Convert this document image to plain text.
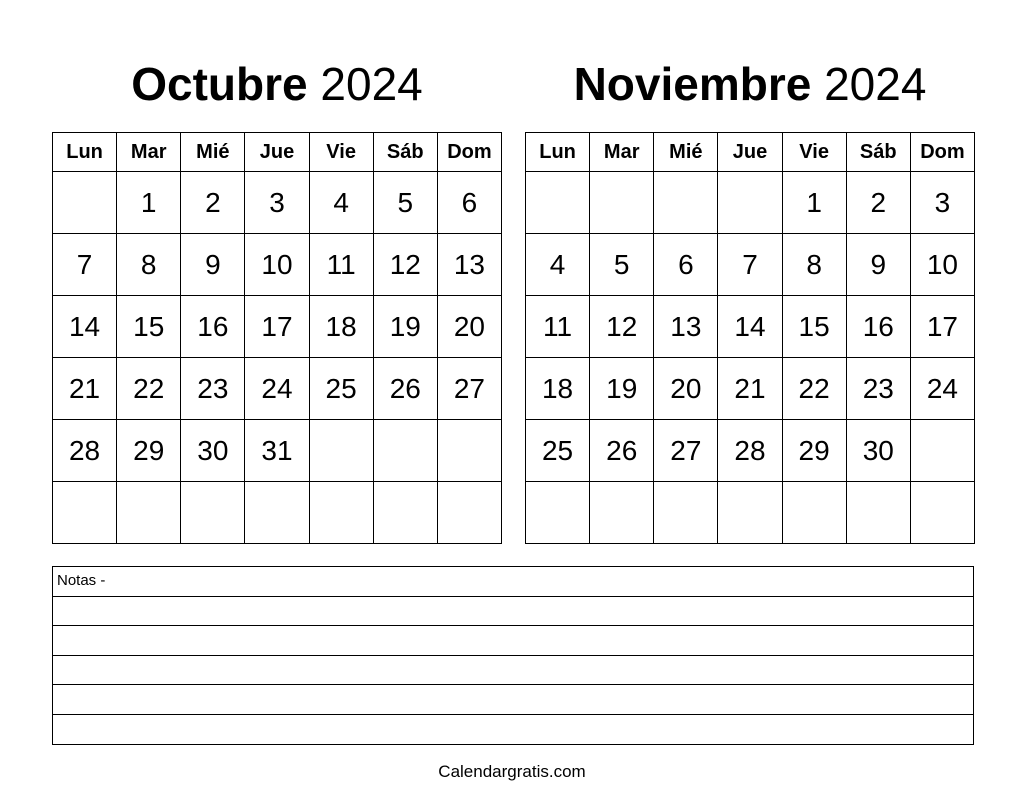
Octubre 2024	Noviembre 2024
Lun	Mar	Mié	Jue	Vie	Sáb	Dom
	1	2	3	4	5	6
7	8	9	10	11	12	13
14	15	16	17	18	19	20
21	22	23	24	25	26	27
28	29	30	31			

Lun	Mar	Mié	Jue	Vie	Sáb	Dom
				1	2	3
4	5	6	7	8	9	10
11	12	13	14	15	16	17
18	19	20	21	22	23	24
25	26	27	28	29	30	

Notas -
Calendargratis.com
